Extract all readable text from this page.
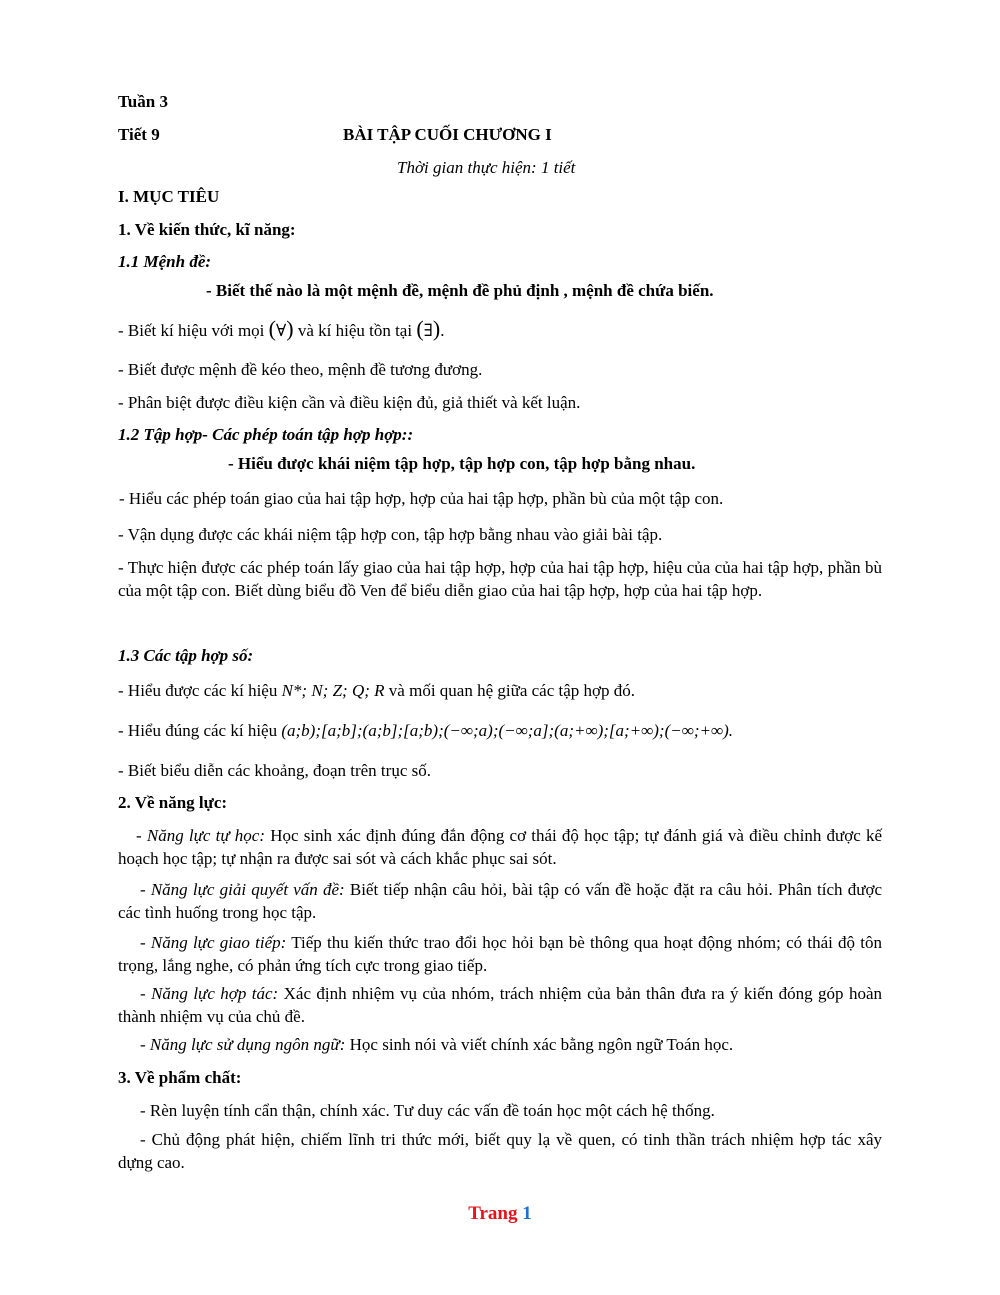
Tuần 3
Tiết 9	BÀI TẬP CUỐI CHƯƠNG I
Thời gian thực hiện: 1 tiết
I. MỤC TIÊU
1. Về kiến thức, kĩ năng:
1.1 Mệnh đề:
- Biết thế nào là một mệnh đề, mệnh đề phủ định , mệnh đề chứa biến.
- Biết kí hiệu với mọi (∀) và kí hiệu tồn tại (∃).
- Biết được mệnh đề kéo theo, mệnh đề tương đương.
- Phân biệt được điều kiện cần và điều kiện đủ, giả thiết và kết luận.
1.2 Tập hợp- Các phép toán tập hợp hợp::
- Hiểu được khái niệm tập hợp, tập hợp con, tập hợp bằng nhau.
- Hiểu các phép toán giao của hai tập hợp, hợp của hai tập hợp, phần bù của một tập con.
- Vận dụng được các khái niệm tập hợp con, tập hợp bằng nhau vào giải bài tập.
- Thực hiện được các phép toán lấy giao của hai tập hợp, hợp của hai tập hợp, hiệu của của hai tập hợp, phần bù của một tập con. Biết dùng biểu đồ Ven để biểu diễn giao của hai tập hợp, hợp của hai tập hợp.
1.3 Các tập hợp số:
- Hiểu được các kí hiệu N*; N; Z; Q; R và mối quan hệ giữa các tập hợp đó.
- Hiểu đúng các kí hiệu (a;b);[a;b];(a;b];[a;b);(−∞;a);(−∞;a];(a;+∞);[a;+∞);(−∞;+∞).
- Biết biểu diễn các khoảng, đoạn trên trục số.
2. Về năng lực:
- Năng lực tự học: Học sinh xác định đúng đắn động cơ thái độ học tập; tự đánh giá và điều chỉnh được kế hoạch học tập; tự nhận ra được sai sót và cách khắc phục sai sót.
- Năng lực giải quyết vấn đề: Biết tiếp nhận câu hỏi, bài tập có vấn đề hoặc đặt ra câu hỏi. Phân tích được các tình huống trong học tập.
- Năng lực giao tiếp: Tiếp thu kiến thức trao đổi học hỏi bạn bè thông qua hoạt động nhóm; có thái độ tôn trọng, lắng nghe, có phản ứng tích cực trong giao tiếp.
- Năng lực hợp tác: Xác định nhiệm vụ của nhóm, trách nhiệm của bản thân đưa ra ý kiến đóng góp hoàn thành nhiệm vụ của chủ đề.
- Năng lực sử dụng ngôn ngữ: Học sinh nói và viết chính xác bằng ngôn ngữ Toán học.
3. Về phẩm chất:
- Rèn luyện tính cẩn thận, chính xác. Tư duy các vấn đề toán học một cách hệ thống.
- Chủ động phát hiện, chiếm lĩnh tri thức mới, biết quy lạ về quen, có tinh thần trách nhiệm hợp tác xây dựng cao.
Trang 1
